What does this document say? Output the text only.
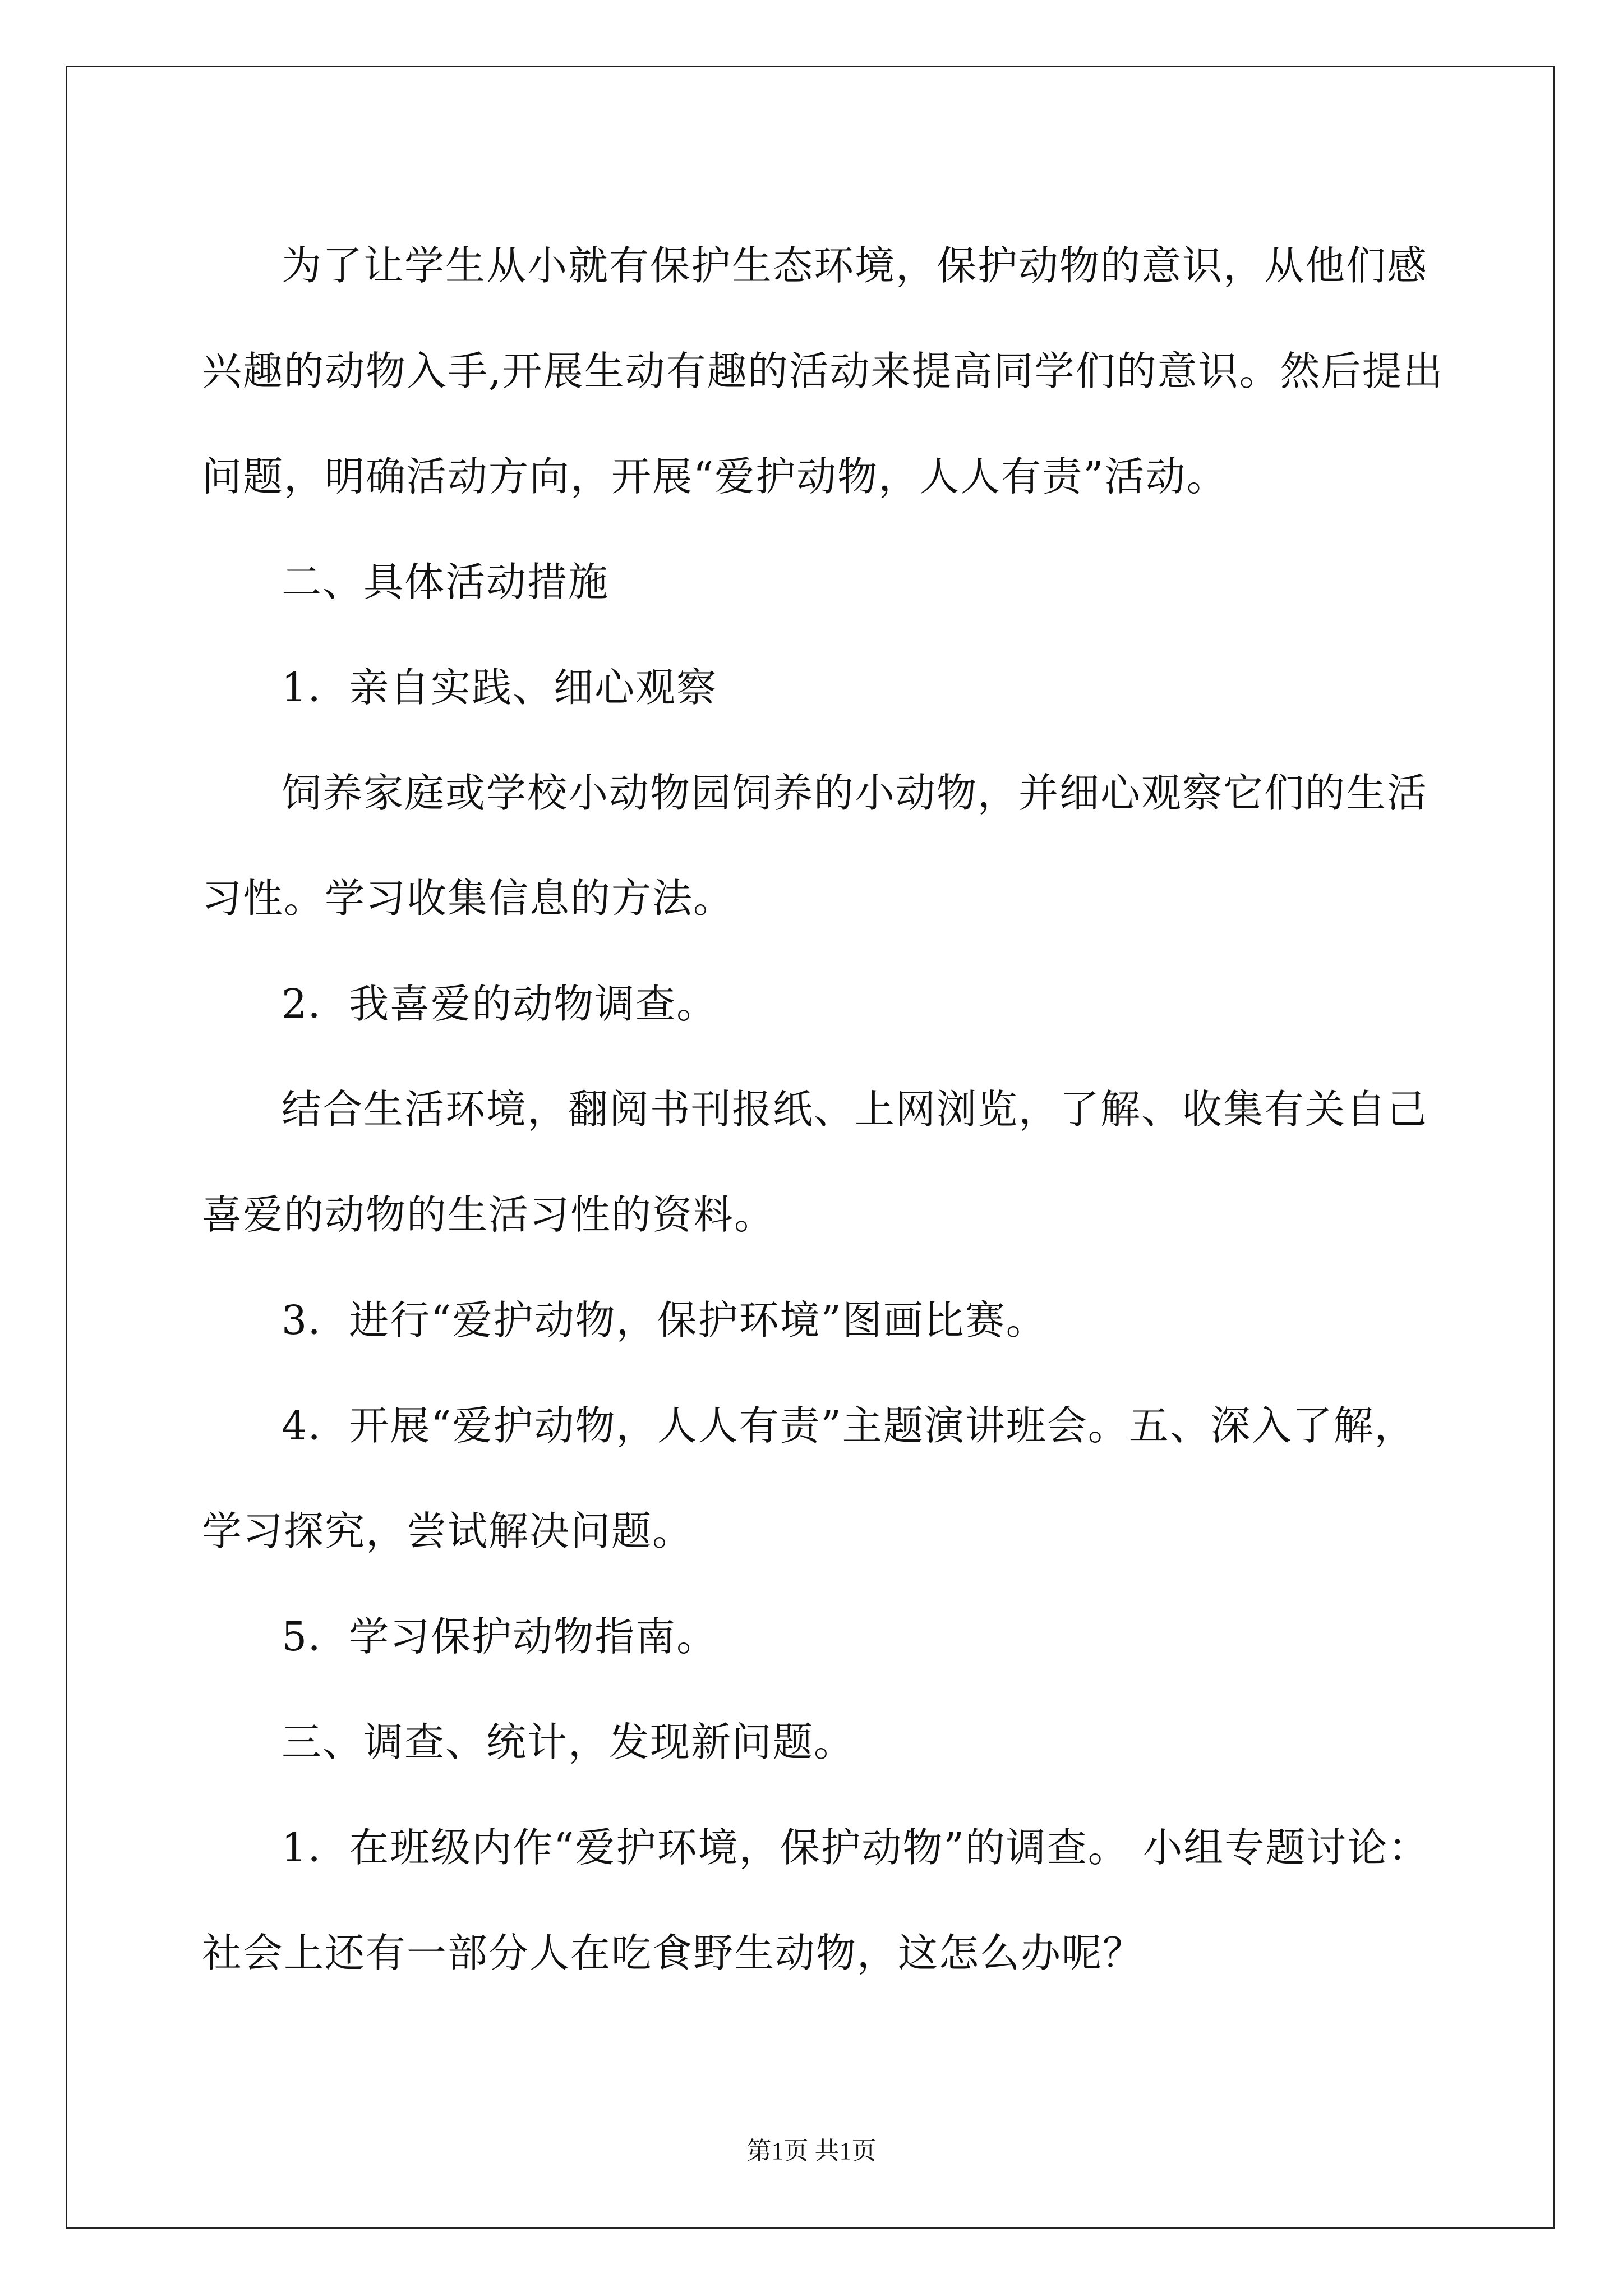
为了让学生从小就有保护生态环境，保护动物的意识，从他们感

兴趣的动物入手,开展生动有趣的活动来提高同学们的意识。然后提出

问题，明确活动方向，开展“爱护动物，人人有责”活动。

二、具体活动措施

1．亲自实践、细心观察

饲养家庭或学校小动物园饲养的小动物，并细心观察它们的生活

习性。学习收集信息的方法。

2．我喜爱的动物调查。

结合生活环境，翻阅书刊报纸、上网浏览，了解、收集有关自己

喜爱的动物的生活习性的资料。

3．进行“爱护动物，保护环境”图画比赛。

4．开展“爱护动物，人人有责”主题演讲班会。五、深入了解，

学习探究，尝试解决问题。

5．学习保护动物指南。

三、调查、统计，发现新问题。

1．在班级内作“爱护环境，保护动物”的调查。 小组专题讨论：

社会上还有一部分人在吃食野生动物，这怎么办呢？

第1页 共1页
